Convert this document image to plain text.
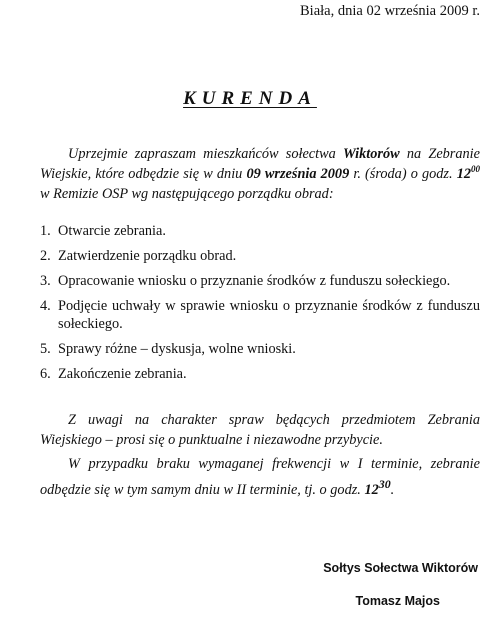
Biała, dnia 02 września 2009 r.
KURENDA
Uprzejmie zapraszam mieszkańców sołectwa Wiktorów na Zebranie Wiejskie, które odbędzie się w dniu 09 września 2009 r. (środa) o godz. $12^{00}$ w Remizie OSP wg następującego porządku obrad:
1. Otwarcie zebrania.
2. Zatwierdzenie porządku obrad.
3. Opracowanie wniosku o przyznanie środków z funduszu sołeckiego.
4. Podjęcie uchwały w sprawie wniosku o przyznanie środków z funduszu sołeckiego.
5. Sprawy różne – dyskusja, wolne wnioski.
6. Zakończenie zebrania.
Z uwagi na charakter spraw będących przedmiotem Zebrania Wiejskiego – prosi się o punktualne i niezawodne przybycie.
W przypadku braku wymaganej frekwencji w I terminie, zebranie odbędzie się w tym samym dniu w II terminie, tj. o godz. $12^{30}$.
Sołtys Sołectwa Wiktorów
Tomasz Majos
